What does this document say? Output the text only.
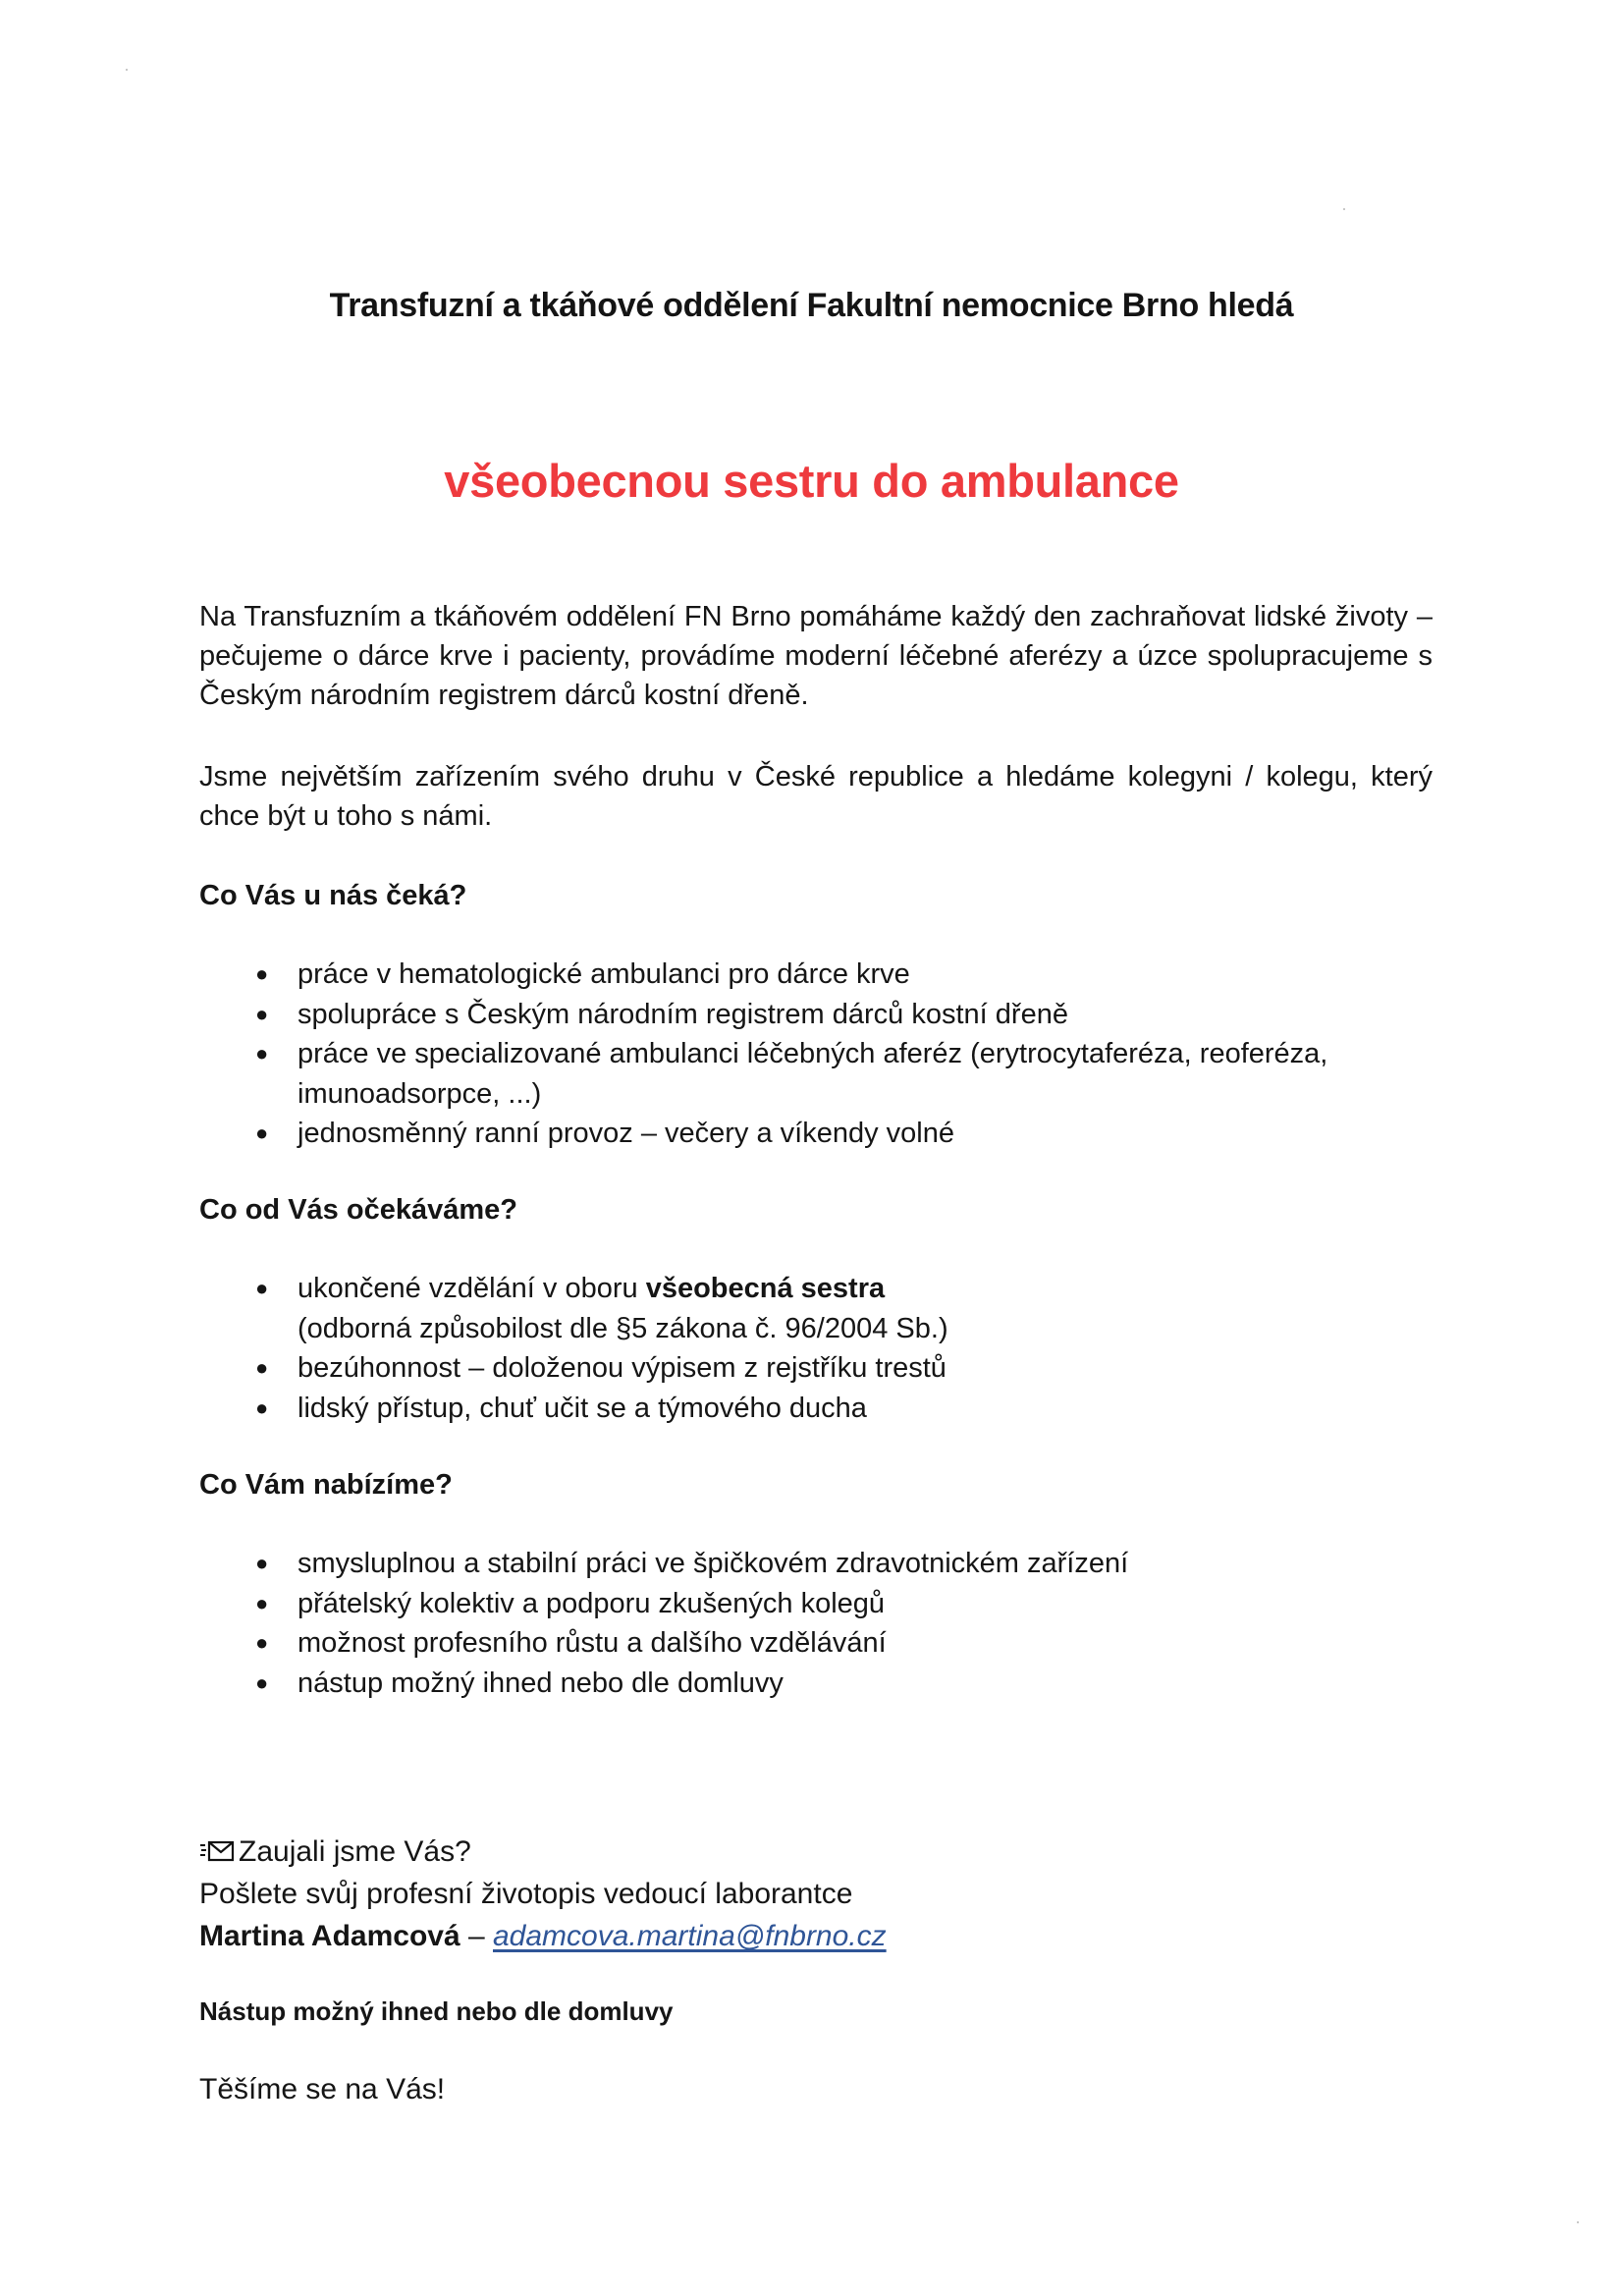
Transfuzní a tkáňové oddělení Fakultní nemocnice Brno hledá
všeobecnou sestru do ambulance

Na Transfuzním a tkáňovém oddělení FN Brno pomáháme každý den zachraňovat lidské životy – pečujeme o dárce krve i pacienty, provádíme moderní léčebné aferézy a úzce spolupracujeme s Českým národním registrem dárců kostní dřeně.

Jsme největším zařízením svého druhu v České republice a hledáme kolegyni / kolegu, který chce být u toho s námi.

Co Vás u nás čeká?

● práce v hematologické ambulanci pro dárce krve
● spolupráce s Českým národním registrem dárců kostní dřeně
● práce ve specializované ambulanci léčebných aferéz (erytrocytaferéza, reoferéza, imunoadsorpce, ...)
● jednosměnný ranní provoz – večery a víkendy volné

Co od Vás očekáváme?

● ukončené vzdělání v oboru všeobecná sestra
(odborná způsobilost dle §5 zákona č. 96/2004 Sb.)
● bezúhonnost – doloženou výpisem z rejstříku trestů
● lidský přístup, chuť učit se a týmového ducha

Co Vám nabízíme?

● smysluplnou a stabilní práci ve špičkovém zdravotnickém zařízení
● přátelský kolektiv a podporu zkušených kolegů
● možnost profesního růstu a dalšího vzdělávání
● nástup možný ihned nebo dle domluvy
Zaujali jsme Vás?
Pošlete svůj profesní životopis vedoucí laborantce
Martina Adamcová – adamcova.martina@fnbrno.cz
Nástup možný ihned nebo dle domluvy
Těšíme se na Vás!
